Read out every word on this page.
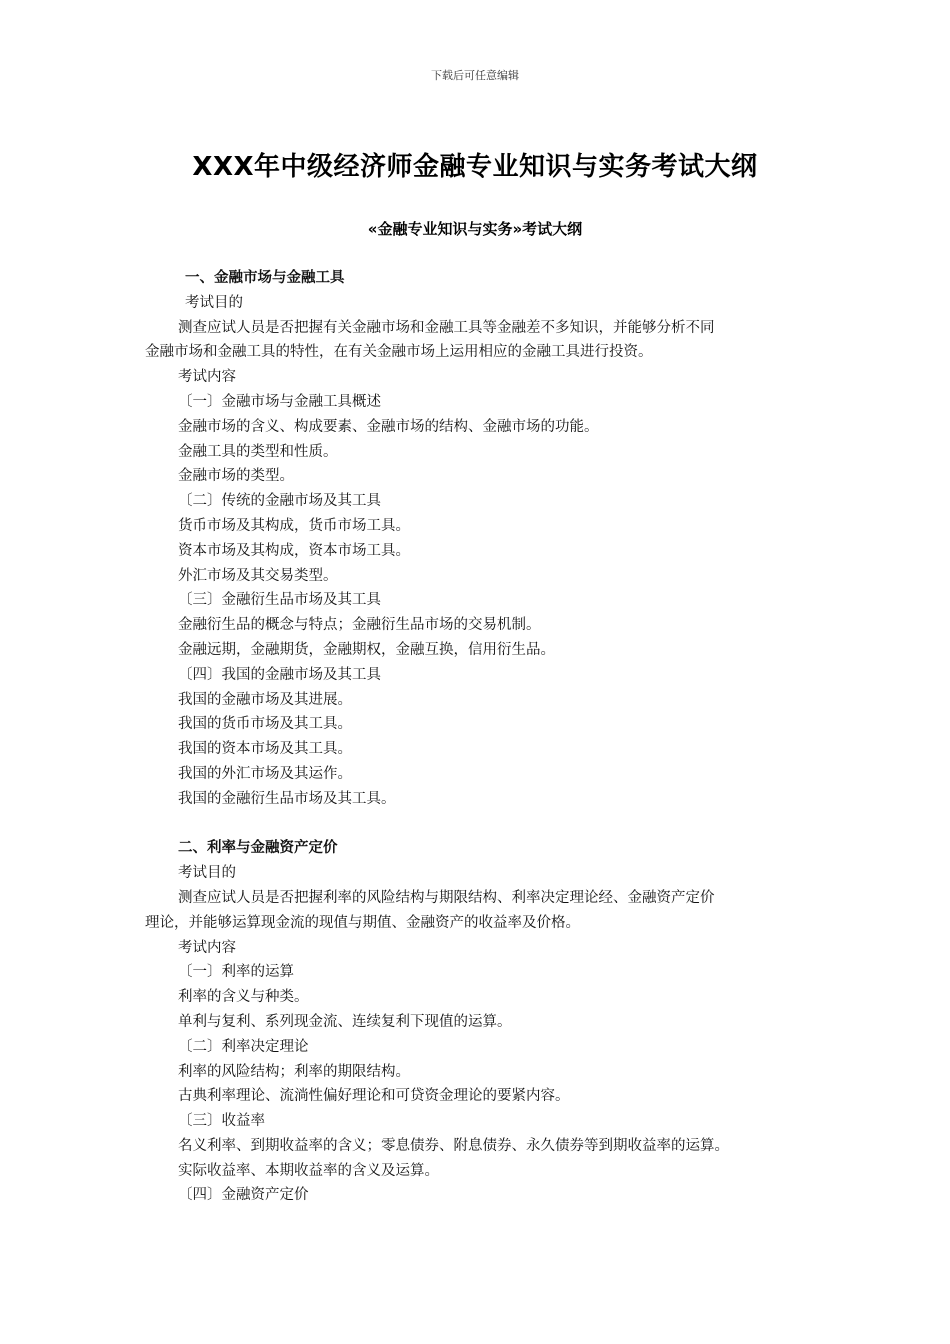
下载后可任意编辑
XXX年中级经济师金融专业知识与实务考试大纲
«金融专业知识与实务»考试大纲

一、金融市场与金融工具

考试目的

测查应试人员是否把握有关金融市场和金融工具等金融差不多知识，并能够分析不同

金融市场和金融工具的特性，在有关金融市场上运用相应的金融工具进行投资。

考试内容

〔一〕金融市场与金融工具概述

金融市场的含义、构成要素、金融市场的结构、金融市场的功能。

金融工具的类型和性质。

金融市场的类型。

〔二〕传统的金融市场及其工具

货币市场及其构成，货币市场工具。

资本市场及其构成，资本市场工具。

外汇市场及其交易类型。

〔三〕金融衍生品市场及其工具

金融衍生品的概念与特点；金融衍生品市场的交易机制。

金融远期，金融期货，金融期权，金融互换，信用衍生品。

〔四〕我国的金融市场及其工具

我国的金融市场及其进展。

我国的货币市场及其工具。

我国的资本市场及其工具。

我国的外汇市场及其运作。

我国的金融衍生品市场及其工具。

二、利率与金融资产定价

考试目的

测查应试人员是否把握利率的风险结构与期限结构、利率决定理论经、金融资产定价

理论，并能够运算现金流的现值与期值、金融资产的收益率及价格。

考试内容

〔一〕利率的运算

利率的含义与种类。

单利与复利、系列现金流、连续复利下现值的运算。

〔二〕利率决定理论

利率的风险结构；利率的期限结构。

古典利率理论、流淌性偏好理论和可贷资金理论的要紧内容。

〔三〕收益率

名义利率、到期收益率的含义；零息债券、附息债券、永久债券等到期收益率的运算。

实际收益率、本期收益率的含义及运算。

〔四〕金融资产定价
